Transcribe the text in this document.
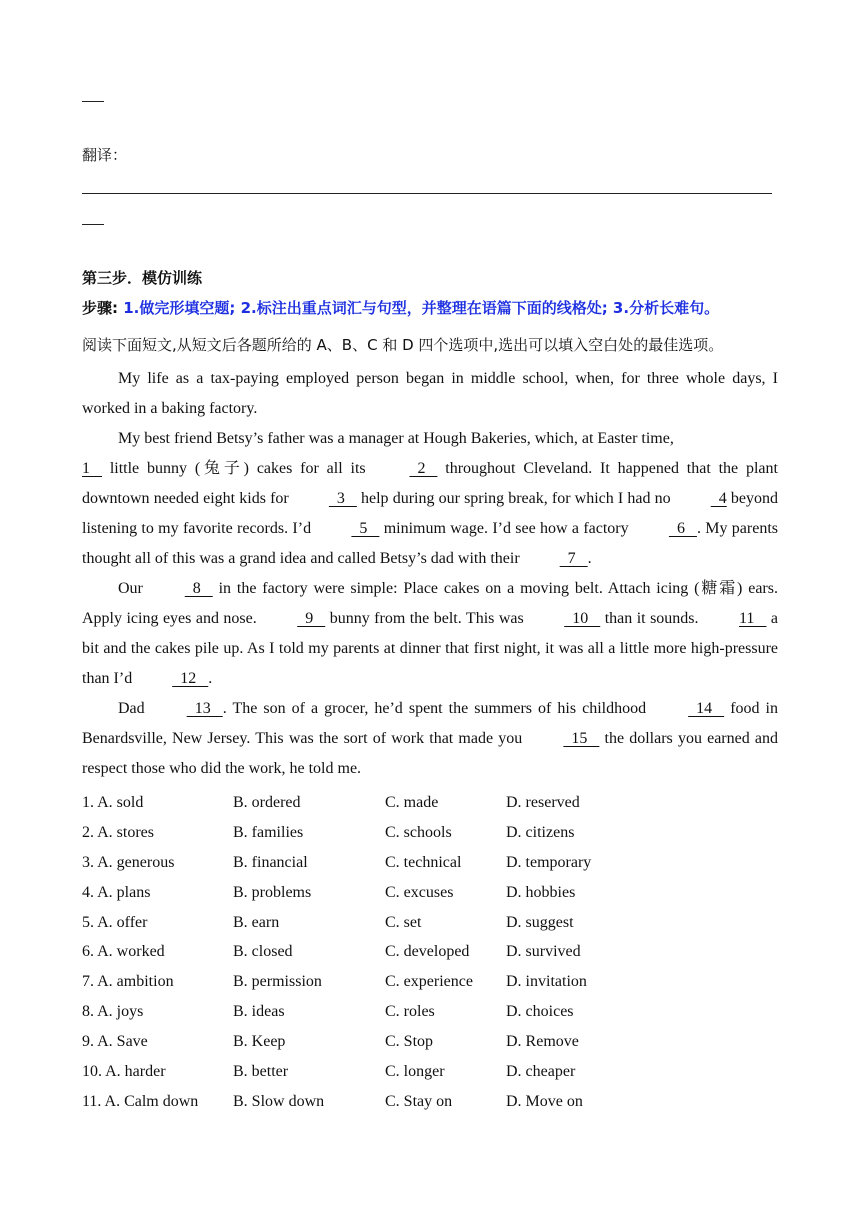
翻译：
第三步．模仿训练
步骤: 1.做完形填空题; 2.标注出重点词汇与句型，并整理在语篇下面的线格处; 3.分析长难句。
阅读下面短文,从短文后各题所给的 A、B、C 和 D 四个选项中,选出可以填入空白处的最佳选项。

My life as a tax-paying employed person began in middle school, when, for three whole days, I worked in a baking factory.

My best friend Betsy’s father was a manager at Hough Bakeries, which, at Easter time,
1    little bunny (兔子) cakes for all its   2    throughout Cleveland. It happened that the plant downtown needed eight kids for   3    help during our spring break, for which I had no   4 beyond listening to my favorite records. I’d   5    minimum wage. I’d see how a factory   6   . My parents thought all of this was a grand idea and called Betsy’s dad with their   7   .

Our   8    in the factory were simple: Place cakes on a moving belt. Attach icing (糖霜) ears. Apply icing eyes and nose.   9    bunny from the belt. This was   10    than it sounds. 11    a bit and the cakes pile up. As I told my parents at dinner that first night, it was all a little more high-pressure than I’d   12   .

Dad   13   . The son of a grocer, he’d spent the summers of his childhood   14    food in Benardsville, New Jersey. This was the sort of work that made you   15    the dollars you earned and respect those who did the work, he told me.

1. A. sold	B. ordered	C. made	D. reserved
2. A. stores	B. families	C. schools	D. citizens
3. A. generous	B. financial	C. technical	D. temporary
4. A. plans	B. problems	C. excuses	D. hobbies
5. A. offer	B. earn	C. set	D. suggest
6. A. worked	B. closed	C. developed D. survived
7. A. ambition	B. permission	C. experience D. invitation
8. A. joys	B. ideas	C. roles	D. choices
9. A. Save	B. Keep	C. Stop	D. Remove
10. A. harder	B. better	C. longer	D. cheaper
11. A. Calm down B. Slow down	C. Stay on	D. Move on
